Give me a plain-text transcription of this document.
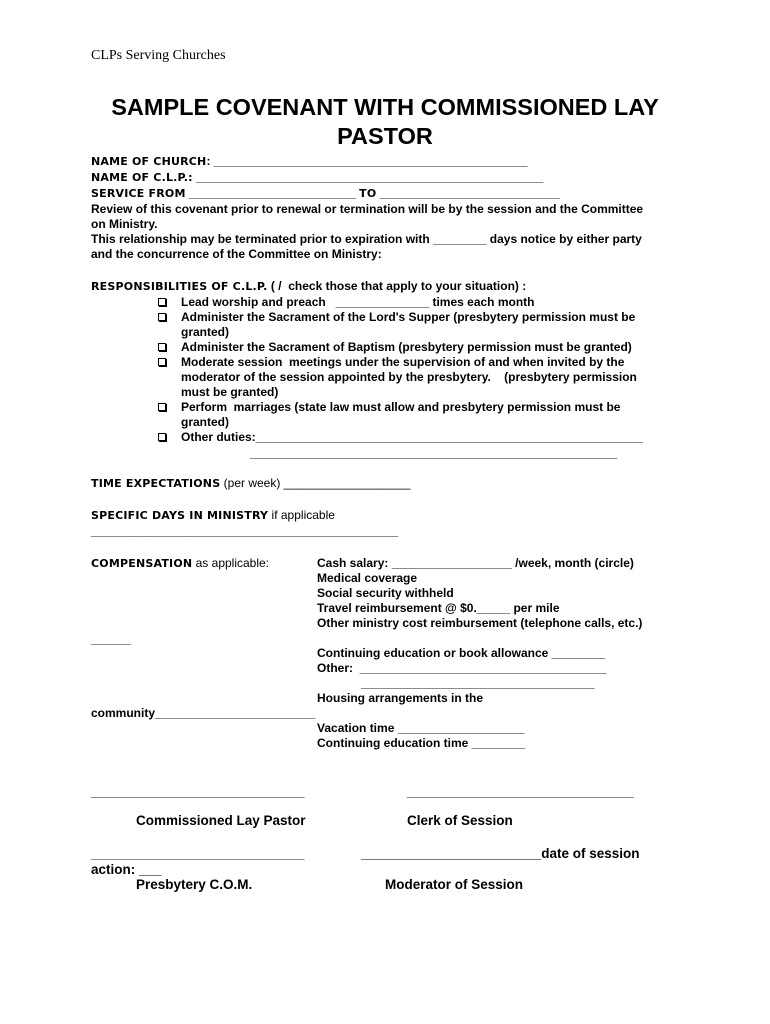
CLPs Serving Churches
SAMPLE COVENANT WITH COMMISSIONED LAY PASTOR
NAME OF CHURCH: _______________________________________________
NAME OF C.L.P.: ____________________________________________________
SERVICE FROM _________________________ TO ___________________________
Review of this covenant prior to renewal or termination will be by the session and the Committee
on Ministry.
This relationship may be terminated prior to expiration with ________ days notice by either party
and the concurrence of the Committee on Ministry:
RESPONSIBILITIES OF C.L.P. ( /  check those that apply to your situation) :
Lead worship and preach   ______________ times each month
Administer the Sacrament of the Lord's Supper (presbytery permission must be
granted)
Administer the Sacrament of Baptism (presbytery permission must be granted)
Moderate session  meetings under the supervision of and when invited by the
moderator of the session appointed by the presbytery.    (presbytery permission
must be granted)
Perform  marriages (state law must allow and presbytery permission must be
granted)
Other duties:__________________________________________________________
_______________________________________________________
TIME EXPECTATIONS (per week) ___________________
SPECIFIC DAYS IN MINISTRY if applicable
______________________________________________
COMPENSATION as applicable:	Cash salary: __________________ /week, month (circle)
Medical coverage
Social security withheld
Travel reimbursement @ $0._____ per mile
Other ministry cost reimbursement (telephone calls, etc.)
______
Continuing education or book allowance ________
Other:  _____________________________________
___________________________________
Housing arrangements in the
community________________________
Vacation time ___________________
Continuing education time ________
________________________________	__________________________________
Commissioned Lay Pastor	Clerk of Session
________________________________	________________________date of session
action: ___
Presbytery C.O.M.	Moderator of Session
